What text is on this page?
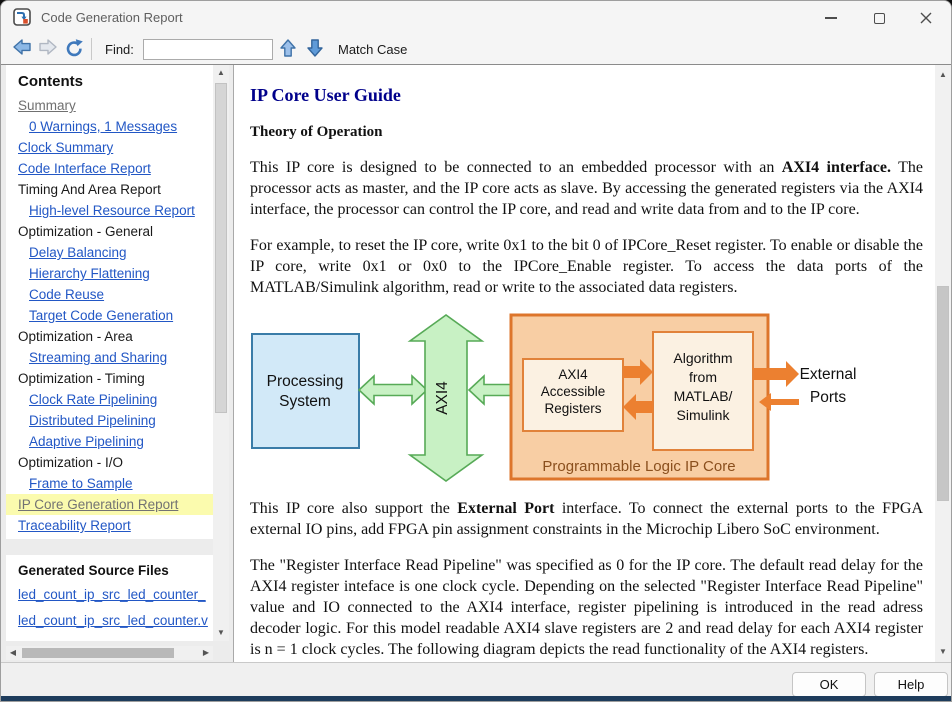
Code Generation Report
Find:	Match Case
Contents
Summary
0 Warnings, 1 Messages
Clock Summary
Code Interface Report
Timing And Area Report
High-level Resource Report
Optimization - General
Delay Balancing
Hierarchy Flattening
Code Reuse
Target Code Generation
Optimization - Area
Streaming and Sharing
Optimization - Timing
Clock Rate Pipelining
Distributed Pipelining
Adaptive Pipelining
Optimization - I/O
Frame to Sample
IP Core Generation Report
Traceability Report
Generated Source Files
led_count_ip_src_led_counter_
led_count_ip_src_led_counter.v
▲
▼
◀	▶
IP Core User Guide
Theory of Operation

This IP core is designed to be connected to an embedded processor with an AXI4 interface. The processor acts as master, and the IP core acts as slave. By accessing the generated registers via the AXI4 interface, the processor can control the IP core, and read and write data from and to the IP core.

For example, to reset the IP core, write 0x1 to the bit 0 of IPCore_Reset register. To enable or disable the IP core, write 0x1 or 0x0 to the IPCore_Enable register. To access the data ports of the MATLAB/Simulink algorithm, read or write to the associated data registers.

Processing
System	AXI4
Programmable Logic IP Core
AXI4
Accessible
Registers
Algorithm
from
MATLAB/
Simulink
External
Ports

This IP core also support the External Port interface. To connect the external ports to the FPGA external IO pins, add FPGA pin assignment constraints in the Microchip Libero SoC environment.

The "Register Interface Read Pipeline" was specified as 0 for the IP core. The default read delay for the AXI4 register inteface is one clock cycle. Depending on the selected "Register Interface Read Pipeline" value and IO connected to the AXI4 interface, register pipelining is introduced in the read adress decoder logic. For this model readable AXI4 slave registers are 2 and read delay for each AXI4 register is n = 1 clock cycles. The following diagram depicts the read functionality of the AXI4 registers.

▲
▼
OK	Help
